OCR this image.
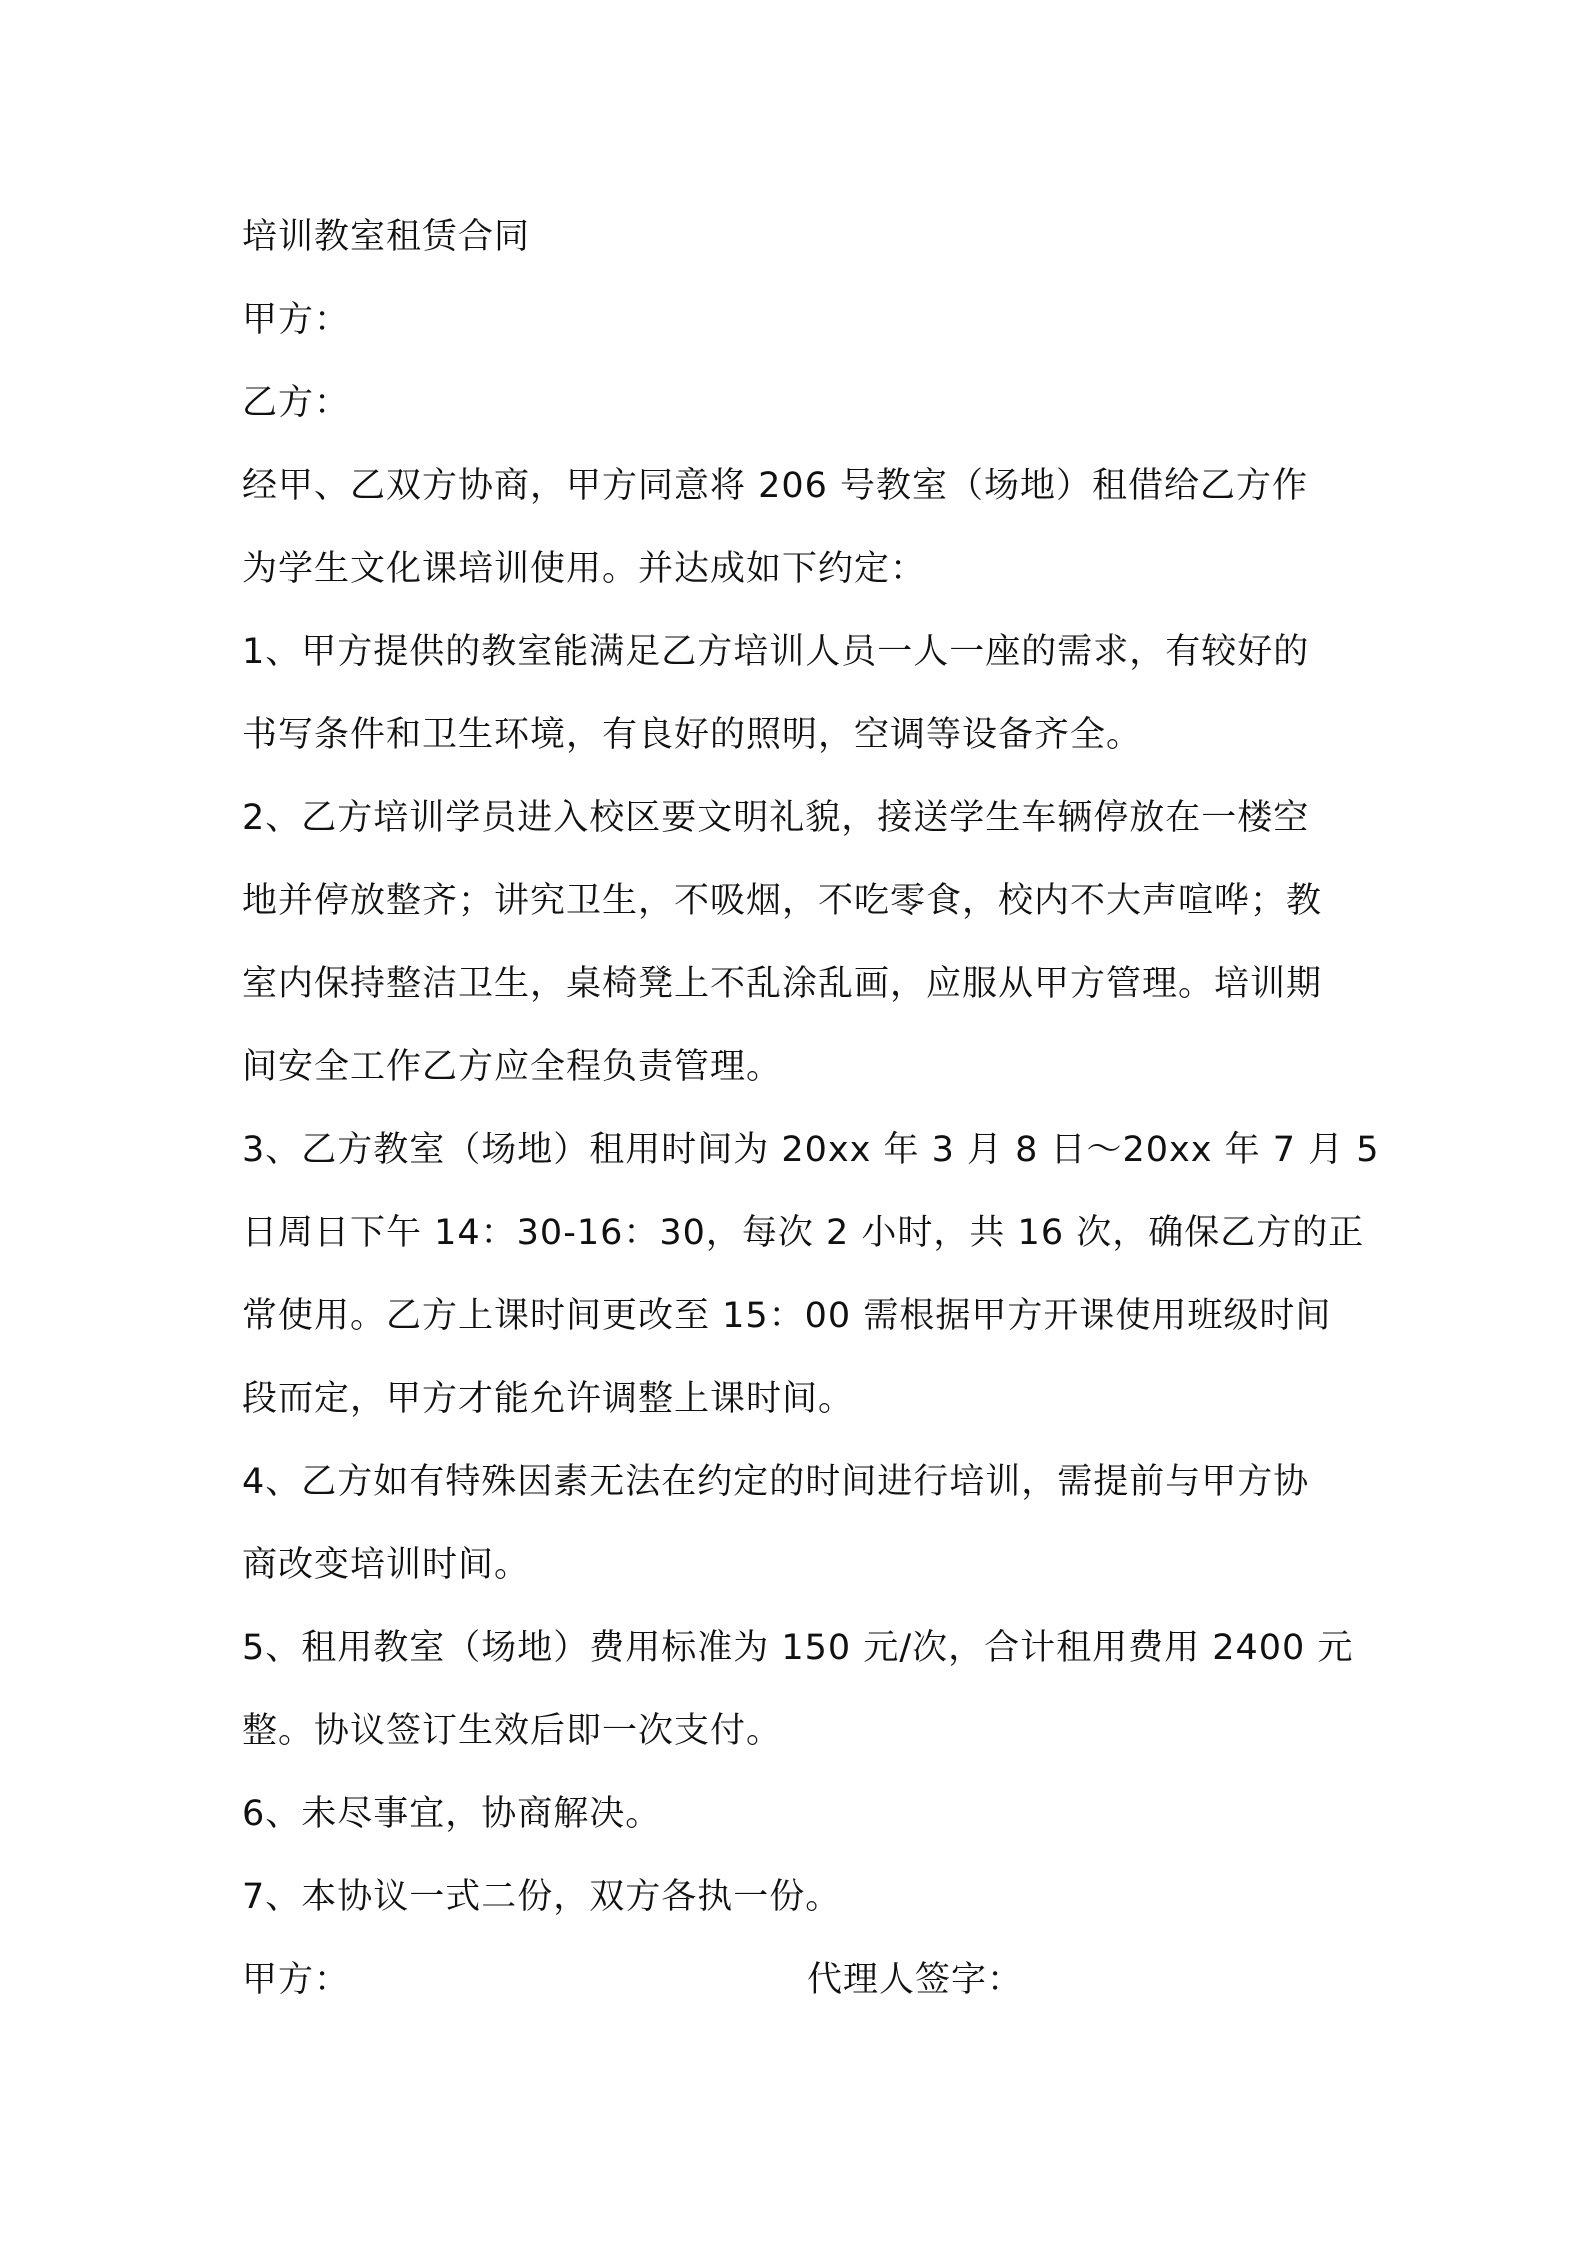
培训教室租赁合同

甲方：

乙方：

经甲、乙双方协商，甲方同意将 206 号教室（场地）租借给乙方作

为学生文化课培训使用。并达成如下约定：

1、甲方提供的教室能满足乙方培训人员一人一座的需求，有较好的

书写条件和卫生环境，有良好的照明，空调等设备齐全。

2、乙方培训学员进入校区要文明礼貌，接送学生车辆停放在一楼空

地并停放整齐；讲究卫生，不吸烟，不吃零食，校内不大声喧哗；教

室内保持整洁卫生，桌椅凳上不乱涂乱画，应服从甲方管理。培训期

间安全工作乙方应全程负责管理。

3、乙方教室（场地）租用时间为 20xx 年 3 月 8 日～20xx 年 7 月 5

日周日下午 14：30-16：30，每次 2 小时，共 16 次，确保乙方的正

常使用。乙方上课时间更改至 15：00 需根据甲方开课使用班级时间

段而定，甲方才能允许调整上课时间。

4、乙方如有特殊因素无法在约定的时间进行培训，需提前与甲方协

商改变培训时间。

5、租用教室（场地）费用标准为 150 元/次，合计租用费用 2400 元

整。协议签订生效后即一次支付。

6、未尽事宜，协商解决。

7、本协议一式二份，双方各执一份。

甲方：	代理人签字：
